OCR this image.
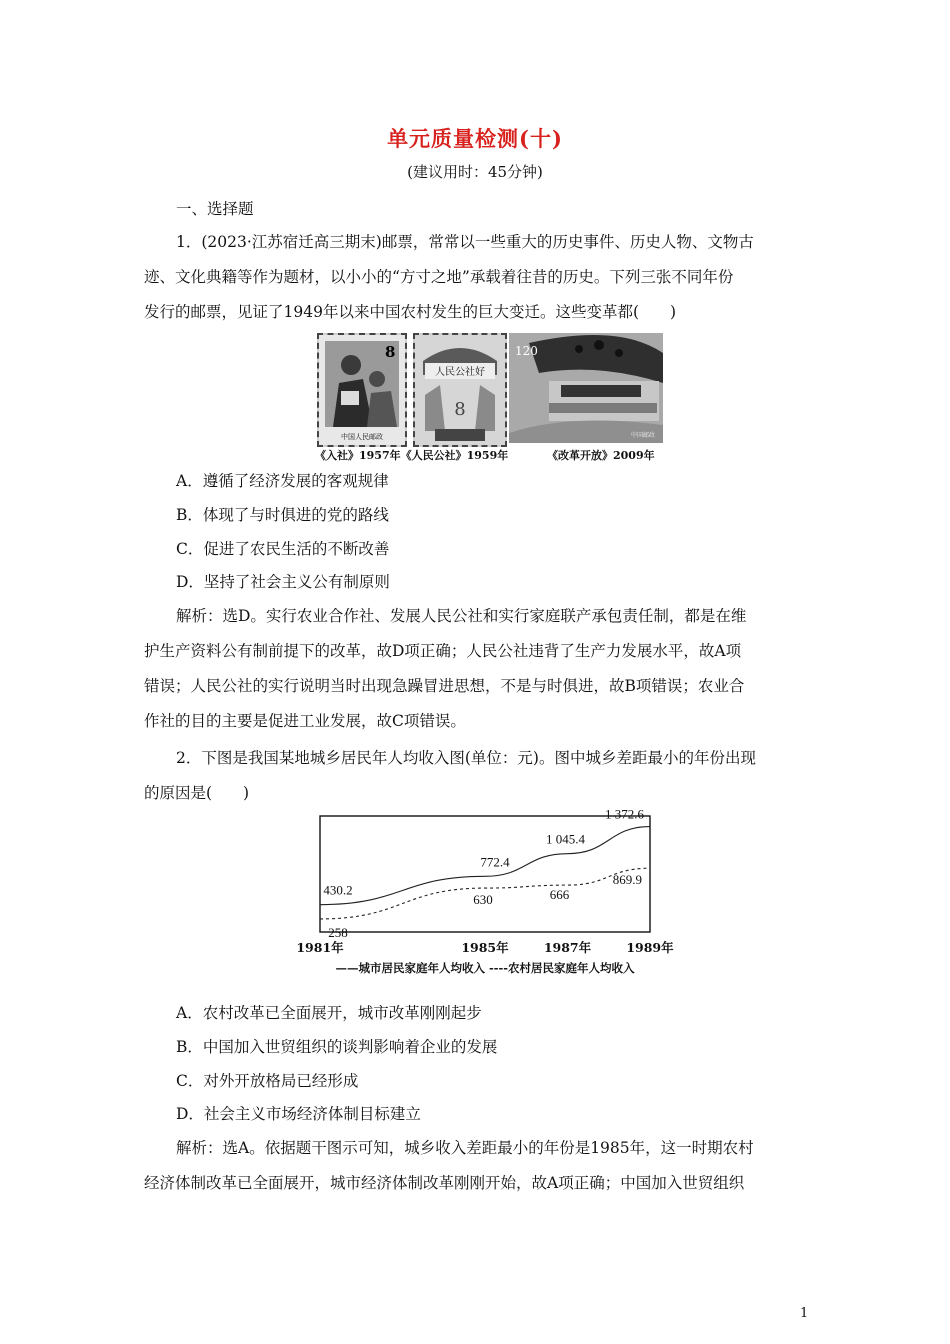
单元质量检测(十)
(建议用时：45分钟)
一、选择题
1．(2023·江苏宿迁高三期末)邮票，常常以一些重大的历史事件、历史人物、文物古
迹、文化典籍等作为题材，以小小的“方寸之地”承载着往昔的历史。下列三张不同年份
发行的邮票，见证了1949年以来中国农村发生的巨大变迁。这些变革都(　　)
8
中国人民邮政
人民公社好
8
120
中国邮政
《入社》1957年《人民公社》1959年	《改革开放》2009年
A．遵循了经济发展的客观规律
B．体现了与时俱进的党的路线
C．促进了农民生活的不断改善
D．坚持了社会主义公有制原则
解析：选D。实行农业合作社、发展人民公社和实行家庭联产承包责任制，都是在维
护生产资料公有制前提下的改革，故D项正确；人民公社违背了生产力发展水平，故A项
错误；人民公社的实行说明当时出现急躁冒进思想，不是与时俱进，故B项错误；农业合
作社的目的主要是促进工业发展，故C项错误。
2．下图是我国某地城乡居民年人均收入图(单位：元)。图中城乡差距最小的年份出现
的原因是(　　)
430.2
772.4
1 045.4
1 372.6
258
630	666
869.9
1981年	1985年	1987年	1989年
——城市居民家庭年人均收入 ----农村居民家庭年人均收入
A．农村改革已全面展开，城市改革刚刚起步
B．中国加入世贸组织的谈判影响着企业的发展
C．对外开放格局已经形成
D．社会主义市场经济体制目标建立
解析：选A。依据题干图示可知，城乡收入差距最小的年份是1985年，这一时期农村
经济体制改革已全面展开，城市经济体制改革刚刚开始，故A项正确；中国加入世贸组织
1
